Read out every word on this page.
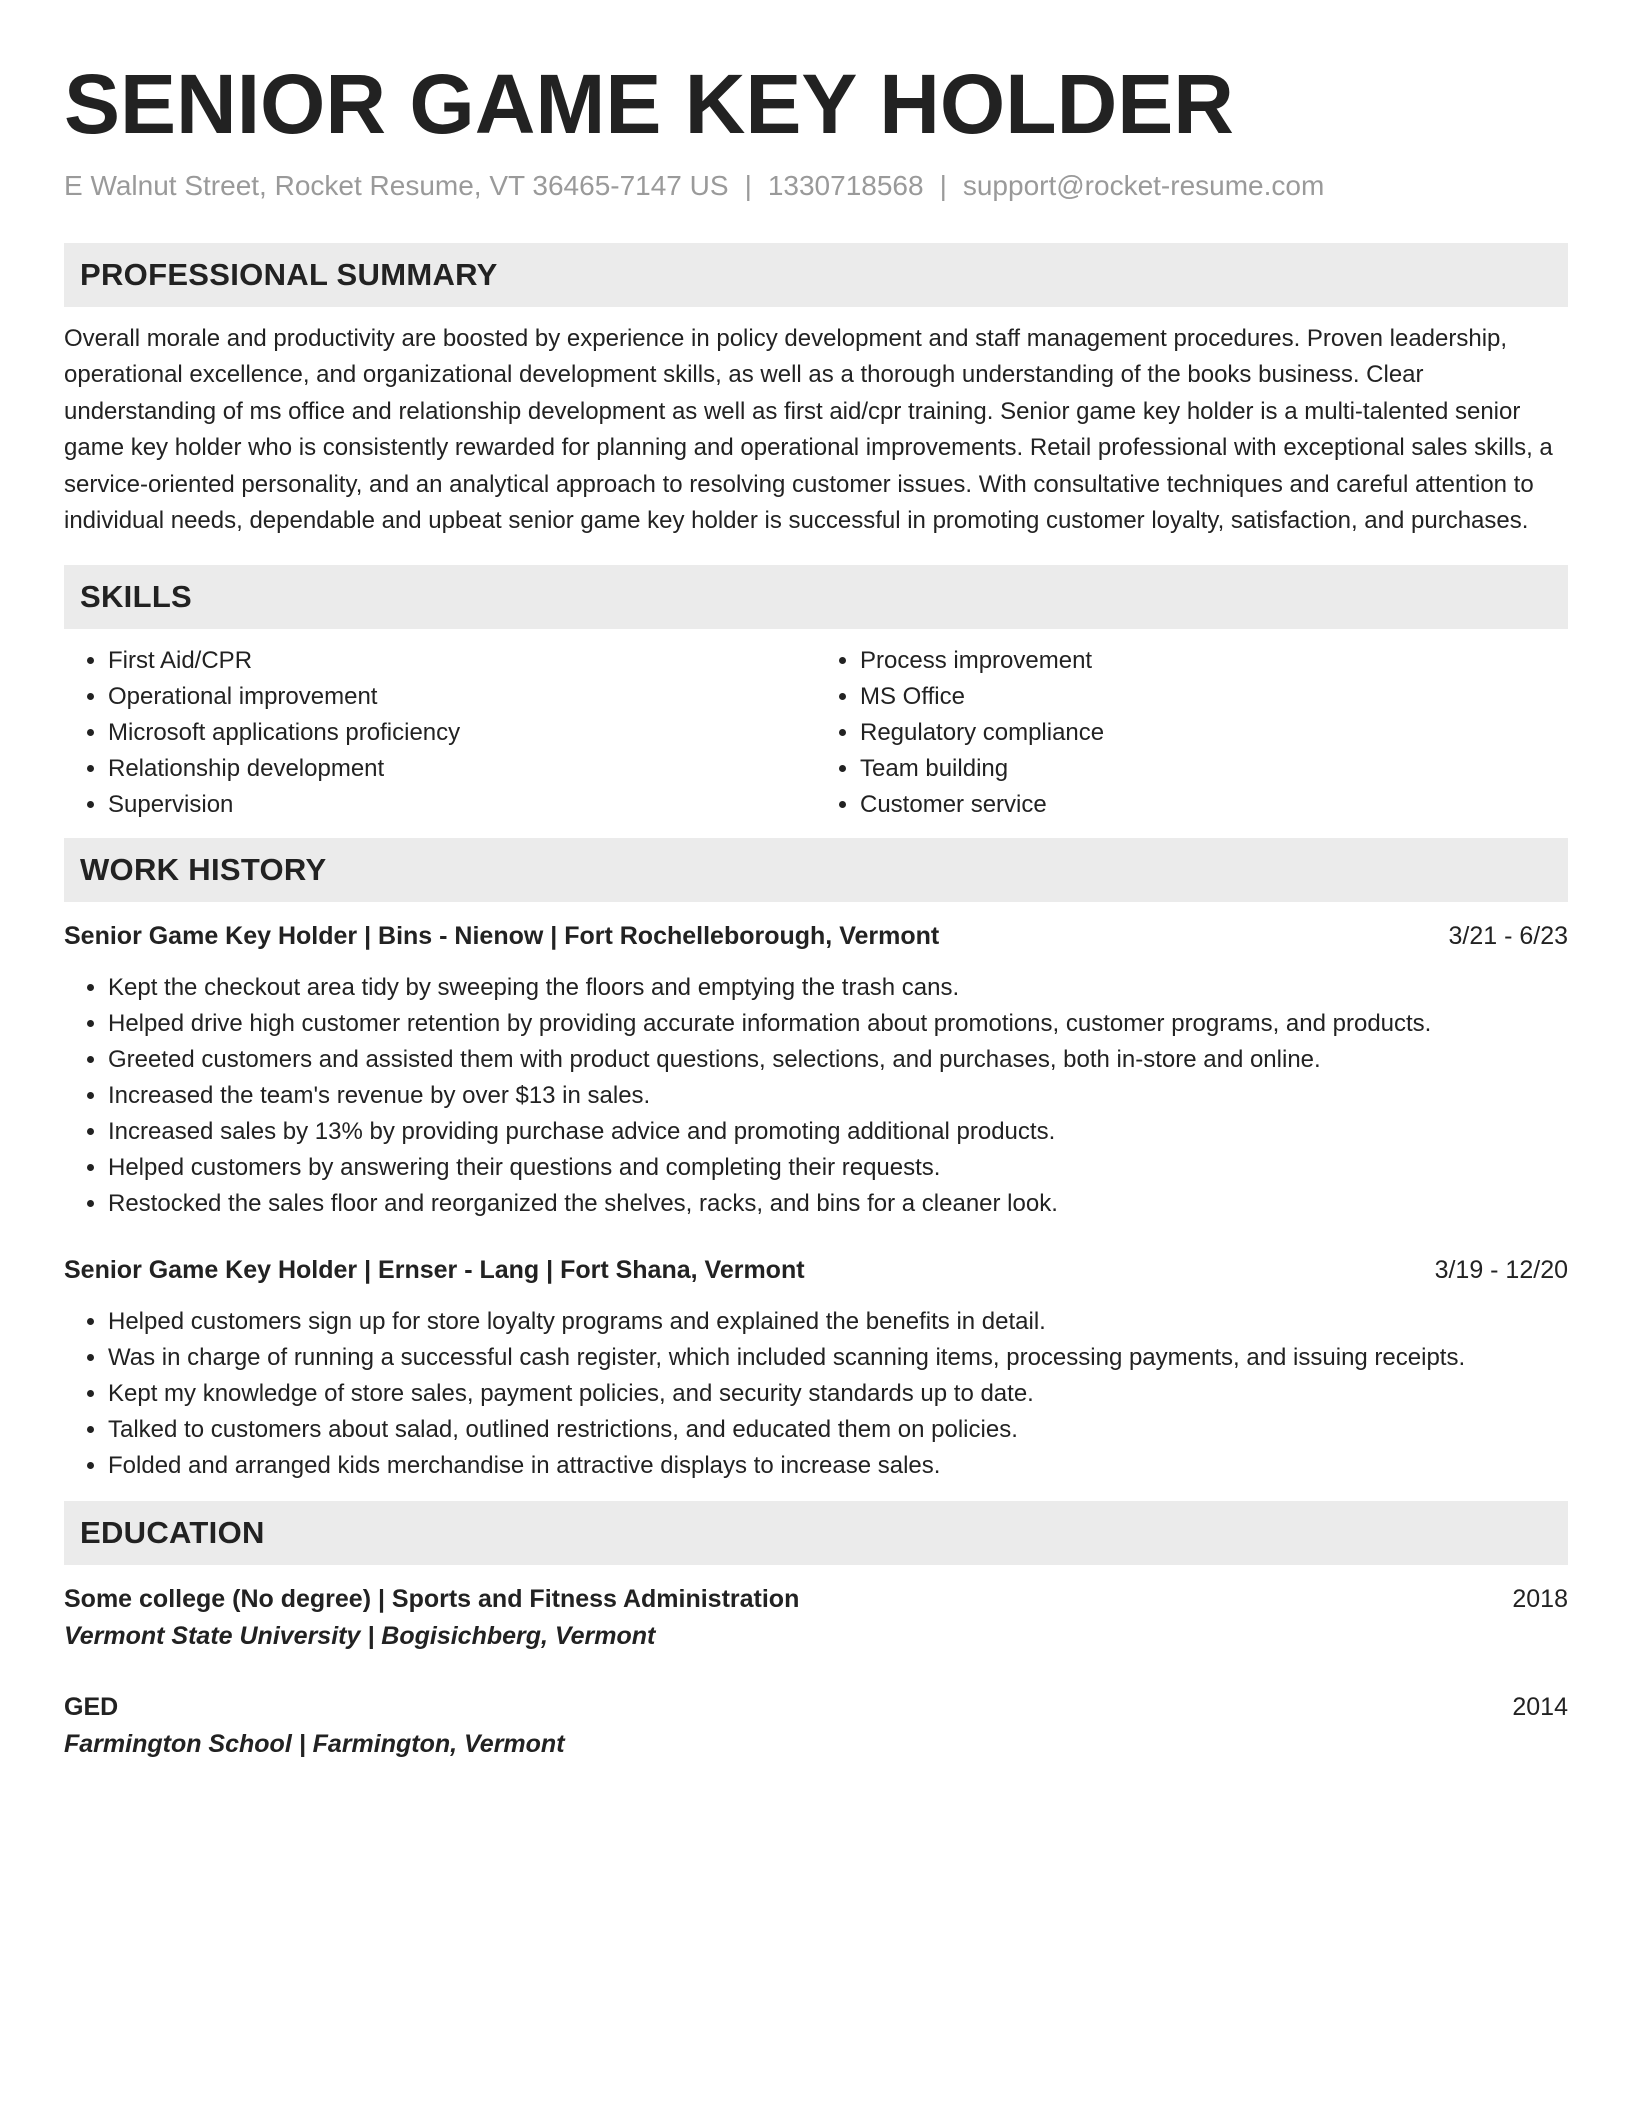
SENIOR GAME KEY HOLDER
E Walnut Street, Rocket Resume, VT 36465-7147 US | 1330718568 | support@rocket-resume.com
PROFESSIONAL SUMMARY

Overall morale and productivity are boosted by experience in policy development and staff management procedures. Proven leadership, operational excellence, and organizational development skills, as well as a thorough understanding of the books business. Clear understanding of ms office and relationship development as well as first aid/cpr training. Senior game key holder is a multi-talented senior game key holder who is consistently rewarded for planning and operational improvements. Retail professional with exceptional sales skills, a service-oriented personality, and an analytical approach to resolving customer issues. With consultative techniques and careful attention to individual needs, dependable and upbeat senior game key holder is successful in promoting customer loyalty, satisfaction, and purchases.

SKILLS
• First Aid/CPR
• Operational improvement
• Microsoft applications proficiency
• Relationship development
• Supervision
• Process improvement
• MS Office
• Regulatory compliance
• Team building
• Customer service
WORK HISTORY
Senior Game Key Holder | Bins - Nienow | Fort Rochelleborough, Vermont	3/21 - 6/23
• Kept the checkout area tidy by sweeping the floors and emptying the trash cans.
• Helped drive high customer retention by providing accurate information about promotions, customer programs, and products.
• Greeted customers and assisted them with product questions, selections, and purchases, both in-store and online.
• Increased the team's revenue by over $13 in sales.
• Increased sales by 13% by providing purchase advice and promoting additional products.
• Helped customers by answering their questions and completing their requests.
• Restocked the sales floor and reorganized the shelves, racks, and bins for a cleaner look.
Senior Game Key Holder | Ernser - Lang | Fort Shana, Vermont	3/19 - 12/20
• Helped customers sign up for store loyalty programs and explained the benefits in detail.
• Was in charge of running a successful cash register, which included scanning items, processing payments, and issuing receipts.
• Kept my knowledge of store sales, payment policies, and security standards up to date.
• Talked to customers about salad, outlined restrictions, and educated them on policies.
• Folded and arranged kids merchandise in attractive displays to increase sales.
EDUCATION
Some college (No degree) | Sports and Fitness Administration	2018
Vermont State University | Bogisichberg, Vermont
GED	2014
Farmington School | Farmington, Vermont
